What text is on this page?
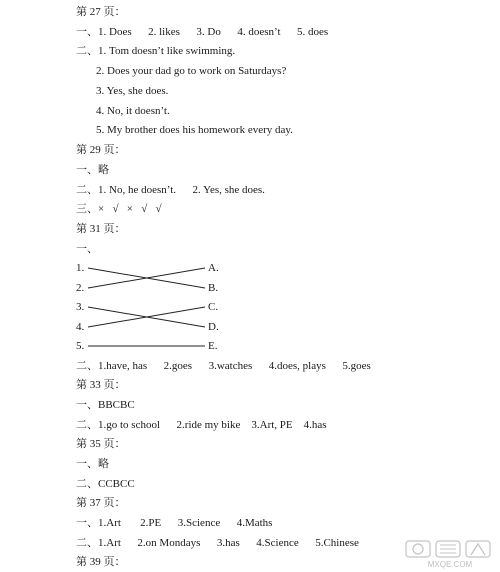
第 27 页：
一、1. Does      2. likes      3. Do      4. doesn’t      5. does
二、1. Tom doesn’t like swimming.
2. Does your dad go to work on Saturdays?
3. Yes, she does.
4. No, it doesn’t.
5. My brother does his homework every day.
第 29 页：
一、略
二、1. No, he doesn’t.      2. Yes, she does.
三、×   √   ×   √   √
第 31 页：
一、
1.
2.
3.
4.
5.
A.
B.
C.
D.
E.
二、1.have, has      2.goes      3.watches      4.does, plays      5.goes
第 33 页：
一、BBCBC
二、1.go to school      2.ride my bike    3.Art, PE    4.has
第 35 页：
一、略
二、CCBCC
第 37 页：
一、1.Art       2.PE      3.Science      4.Maths
二、1.Art      2.on Mondays      3.has      4.Science      5.Chinese
第 39 页：	MXQE.COM
